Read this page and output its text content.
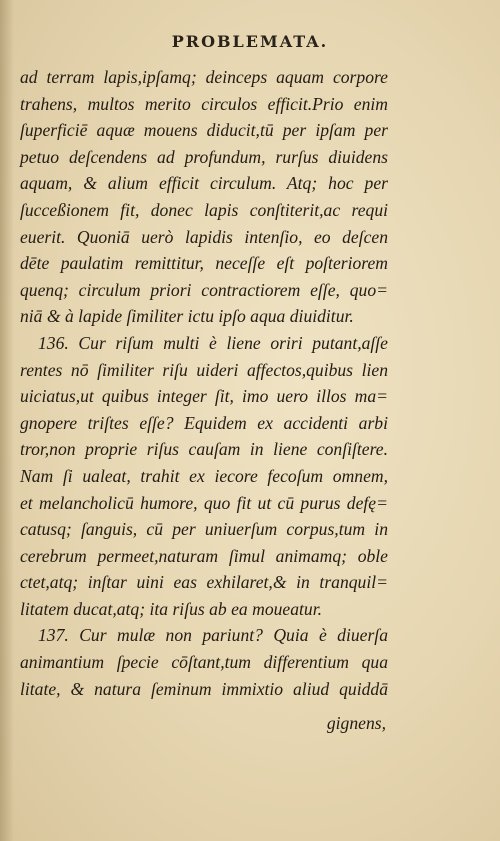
PROBLEMATA.
ad terram lapis,ipſamq; deinceps aquam corpore
trahens, multos merito circulos efficit.Prio enim
ſuperficiē aquæ mouens diducit,tū per ipſam per
petuo deſcendens ad profundum, rurſus diuidens
aquam, & alium efficit circulum. Atq; hoc per
ſucceßionem fit, donec lapis conſtiterit,ac requi
euerit. Quoniā uerò lapidis intenſio, eo deſcen
dēte paulatim remittitur, neceſſe eſt poſteriorem
quenq; circulum priori contractiorem eſſe, quo=
niā & à lapide ſimiliter ictu ipſo aqua diuiditur.
136. Cur riſum multi è liene oriri putant,aſſe
rentes nō ſimiliter riſu uideri affectos,quibus lien
uiciatus,ut quibus integer ſit, imo uero illos ma=
gnopere triſtes eſſe? Equidem ex accidenti arbi
tror,non proprie riſus cauſam in liene conſiſtere.
Nam ſi ualeat, trahit ex iecore fecoſum omnem,
et melancholicū humore, quo fit ut cū purus defę=
catusq; ſanguis, cū per uniuerſum corpus,tum in
cerebrum permeet,naturam ſimul animamq; oble
ctet,atq; inſtar uini eas exhilaret,& in tranquil=
litatem ducat,atq; ita riſus ab ea moueatur.
137. Cur mulæ non pariunt? Quia è diuerſa
animantium ſpecie cōſtant,tum differentium qua
litate, & natura ſeminum immixtio aliud quiddā
gignens,
